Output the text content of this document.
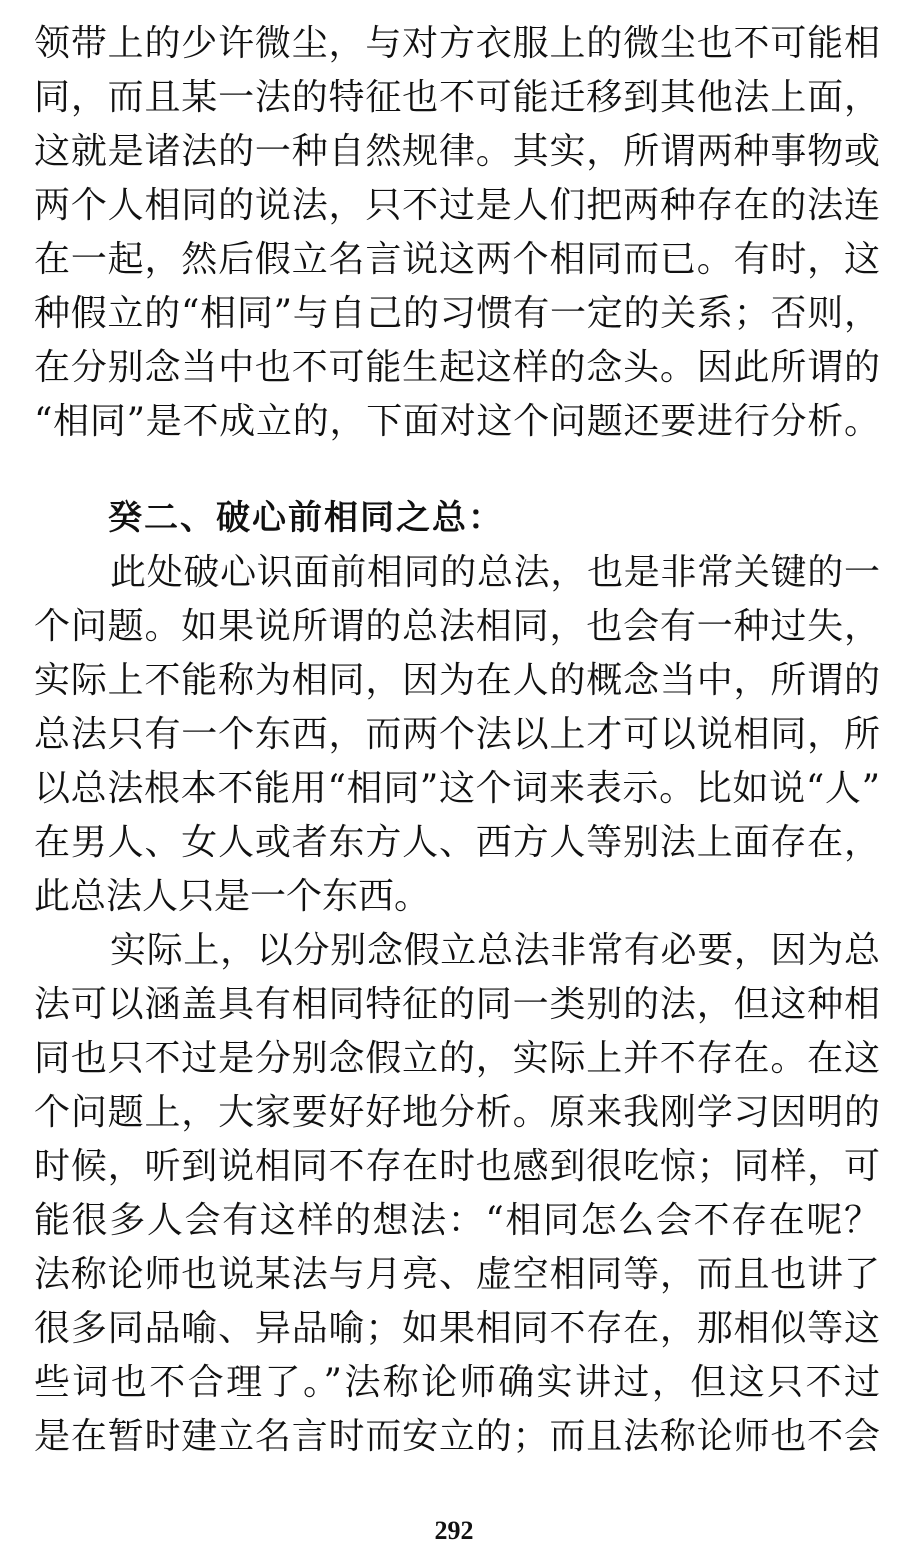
领带上的少许微尘，与对方衣服上的微尘也不可能相
同，而且某一法的特征也不可能迁移到其他法上面，
这就是诸法的一种自然规律。其实，所谓两种事物或
两个人相同的说法，只不过是人们把两种存在的法连
在一起，然后假立名言说这两个相同而已。有时，这
种假立的“相同”与自己的习惯有一定的关系；否则，
在分别念当中也不可能生起这样的念头。因此所谓的
“相同”是不成立的，下面对这个问题还要进行分析。
癸二、破心前相同之总：
此处破心识面前相同的总法，也是非常关键的一
个问题。如果说所谓的总法相同，也会有一种过失，
实际上不能称为相同，因为在人的概念当中，所谓的
总法只有一个东西，而两个法以上才可以说相同，所
以总法根本不能用“相同”这个词来表示。比如说“人”
在男人、女人或者东方人、西方人等别法上面存在，
此总法人只是一个东西。
实际上，以分别念假立总法非常有必要，因为总
法可以涵盖具有相同特征的同一类别的法，但这种相
同也只不过是分别念假立的，实际上并不存在。在这
个问题上，大家要好好地分析。原来我刚学习因明的
时候，听到说相同不存在时也感到很吃惊；同样，可
能很多人会有这样的想法：“相同怎么会不存在呢？
法称论师也说某法与月亮、虚空相同等，而且也讲了
很多同品喻、异品喻；如果相同不存在，那相似等这
些词也不合理了。”法称论师确实讲过，但这只不过
是在暂时建立名言时而安立的；而且法称论师也不会
292
